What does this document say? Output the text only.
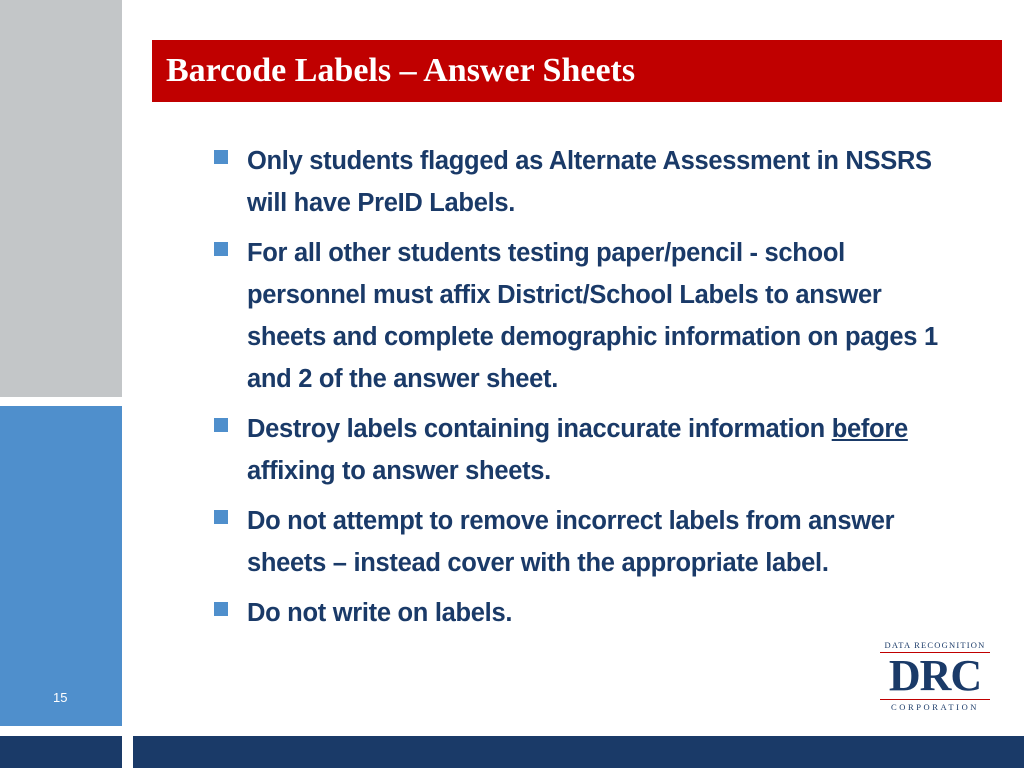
15
Barcode Labels – Answer Sheets
Only students flagged as Alternate Assessment in NSSRS will have PreID Labels.
For all other students testing paper/pencil - school personnel must affix District/School Labels to answer sheets and complete demographic information on pages 1 and 2 of the answer sheet.
Destroy labels containing inaccurate information before affixing to answer sheets.
Do not attempt to remove incorrect labels from answer sheets – instead cover with the appropriate label.
Do not write on labels.
DATA RECOGNITION
DRC
CORPORATION
